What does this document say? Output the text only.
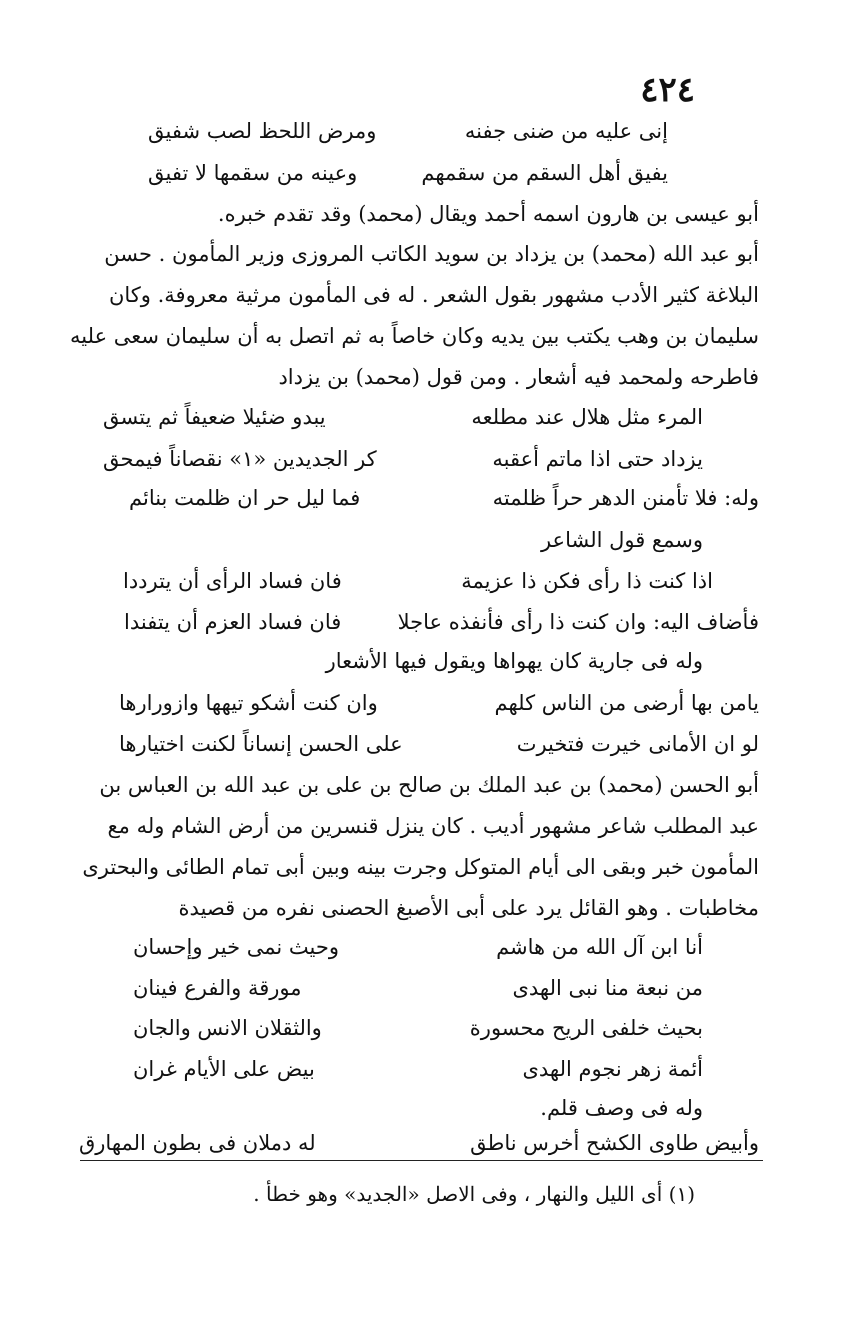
٤٢٤
إنى عليه من ضنى جفنه
ومرض اللحظ لصب شفيق
يفيق أهل السقم من سقمهم
وعينه من سقمها لا تفيق
أبو عيسى بن هارون اسمه أحمد ويقال (محمد) وقد تقدم خبره.
أبو عبد الله (محمد) بن يزداد بن سويد الكاتب المروزى وزير المأمون . حسن
البلاغة كثير الأدب مشهور بقول الشعر . له فى المأمون مرثية معروفة. وكان
سليمان بن وهب يكتب بين يديه وكان خاصاً به ثم اتصل به أن سليمان سعى عليه
فاطرحه ولمحمد فيه أشعار . ومن قول (محمد) بن يزداد
المرء مثل هلال عند مطلعه
يبدو ضئيلا ضعيفاً ثم يتسق
يزداد حتى اذا ماتم أعقبه
كر الجديدين «١» نقصاناً فيمحق
وله: فلا تأمنن الدهر حراً ظلمته
فما ليل حر ان ظلمت بنائم
وسمع قول الشاعر
اذا كنت ذا رأى فكن ذا عزيمة
فان فساد الرأى أن يترددا
فأضاف اليه: وان كنت ذا رأى فأنفذه عاجلا
فان فساد العزم أن يتفندا
وله فى جارية كان يهواها ويقول فيها الأشعار
يامن بها أرضى من الناس كلهم
وان كنت أشكو تيهها وازورارها
لو ان الأمانى خيرت فتخيرت
على الحسن إنساناً لكنت اختيارها
أبو الحسن (محمد) بن عبد الملك بن صالح بن على بن عبد الله بن العباس بن
عبد المطلب شاعر مشهور أديب . كان ينزل قنسرين من أرض الشام وله مع
المأمون خبر وبقى الى أيام المتوكل وجرت بينه وبين أبى تمام الطائى والبحترى
مخاطبات . وهو القائل يرد على أبى الأصبغ الحصنى نفره من قصيدة
أنا ابن آل الله من هاشم
وحيث نمى خير وإحسان
من نبعة منا نبى الهدى
مورقة والفرع فينان
بحيث خلفى الريح محسورة
والثقلان الانس والجان
أئمة زهر نجوم الهدى
بيض على الأيام غران
وله فى وصف قلم.
وأبيض طاوى الكشح أخرس ناطق
له دملان فى بطون المهارق
(١) أى الليل والنهار ، وفى الاصل «الجديد» وهو خطأ .
